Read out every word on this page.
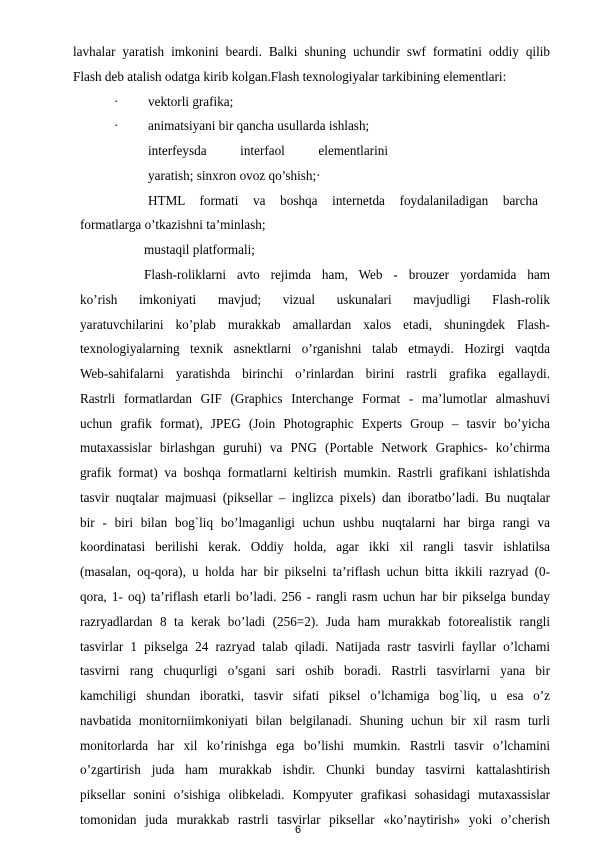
lavhalar yaratish imkonini beardi. Balki shuning uchundir swf formatini oddiy qilib
Flash deb atalish odatga kirib kolgan.Flash texnologiyalar tarkibining elementlari:
· vektorli grafika;
· animatsiyani bir qancha usullarda ishlash;
interfeysda interfaol elementlarini
yaratish; sinxron ovoz qo’shish;·
HTML formati va boshqa internetda foydalaniladigan barcha
formatlarga o’tkazishni ta’minlash;
mustaqil platformali;
Flash-roliklarni avto rejimda ham, Web - brouzer yordamida ham
ko’rish imkoniyati mavjud; vizual uskunalari mavjudligi Flash-rolik
yaratuvchilarini ko’plab murakkab amallardan xalos etadi, shuningdek Flash-
texnologiyalarning texnik asnektlarni o’rganishni talab etmaydi. Hozirgi vaqtda
Web-sahifalarni yaratishda birinchi o’rinlardan birini rastrli grafika egallaydi.
Rastrli formatlardan GIF (Graphics Interchange Format - ma’lumotlar almashuvi
uchun grafik format), JPEG (Join Photographic Experts Group – tasvir bo’yicha
mutaxassislar birlashgan guruhi) va PNG (Portable Network Graphics- ko’chirma
grafik format) va boshqa formatlarni keltirish mumkin. Rastrli grafikani ishlatishda
tasvir nuqtalar majmuasi (piksellar – inglizca pixels) dan iboratbo’ladi. Bu nuqtalar
bir - biri bilan bog`liq bo’lmaganligi uchun ushbu nuqtalarni har birga rangi va
koordinatasi berilishi kerak. Oddiy holda, agar ikki xil rangli tasvir ishlatilsa
(masalan, oq-qora), u holda har bir pikselni ta’riflash uchun bitta ikkili razryad (0-
qora, 1- oq) ta’riflash etarli bo’ladi. 256 - rangli rasm uchun har bir pikselga bunday
razryadlardan 8 ta kerak bo’ladi (256=2). Juda ham murakkab fotorealistik rangli
tasvirlar 1 pikselga 24 razryad talab qiladi. Natijada rastr tasvirli fayllar o’lchami
tasvirni rang chuqurligi o’sgani sari oshib boradi. Rastrli tasvirlarni yana bir
kamchiligi shundan iboratki, tasvir sifati piksel o’lchamiga bog`liq, u esa o’z
navbatida monitorniimkoniyati bilan belgilanadi. Shuning uchun bir xil rasm turli
monitorlarda har xil ko’rinishga ega bo’lishi mumkin. Rastrli tasvir o’lchamini
o’zgartirish juda ham murakkab ishdir. Chunki bunday tasvirni kattalashtirish
piksellar sonini o’sishiga olibkeladi. Kompyuter grafikasi sohasidagi mutaxassislar
tomonidan juda murakkab rastrli tasvirlar piksellar «ko’naytirish» yoki o’cherish
6
